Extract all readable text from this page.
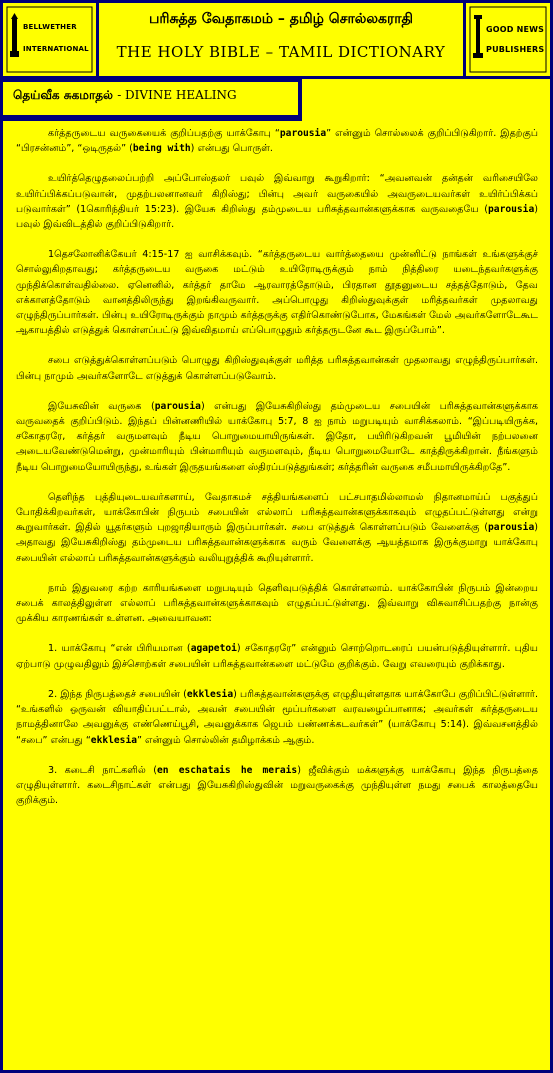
BELLWETHER
INTERNATIONAL
பரிசுத்த வேதாகமம் – தமிழ் சொல்லகராதி
THE HOLY BIBLE – TAMIL DICTIONARY
GOOD NEWS
PUBLISHERS
தெய்வீக சுகமாதல் - DIVINE HEALING

கர்த்தருடைய வருகையைக் குறிப்பதற்கு யாக்கோபு “parousia” என்னும் சொல்லைக் குறிப்பிடுகிறார். இதற்குப் “பிரசன்னம்”, “ஒடிருதல்” (being with) என்பது பொருள்.

உயிர்த்தெழுதலைப்பற்றி அப்போஸ்தலர் பவுல் இவ்வாறு கூறுகிறார்: “அவனவன் தன்தன் வரிசையிலே உயிர்ப்பிக்கப்படுவான், முதற்பலனானவர் கிறிஸ்து; பின்பு அவர் வருகையில் அவருடையவர்கள் உயிர்ப்பிக்கப் படுவார்கள்” (1கொரிந்தியர் 15:23). இயேசு கிறிஸ்து தம்முடைய பரிசுத்தவான்களுக்காக வருவதையே (parousia) பவுல் இவ்விடத்தில் குறிப்பிடுகிறார்.

1தெசலோனிக்கேயர் 4:15-17 ஐ வாசிக்கவும். “கர்த்தருடைய வார்த்தையை முன்னிட்டு நாங்கள் உங்களுக்குச் சொல்லுகிறதாவது; கர்த்தருடைய வருகை மட்டும் உயிரோடிருக்கும் நாம் நித்திரை யடைந்தவர்களுக்கு முந்திக்கொள்வதில்லை. ஏனெனில், கர்த்தர் தாமே ஆரவாரத்தோடும், பிரதான தூதனுடைய சத்தத்தோடும், தேவ எக்காளத்தோடும் வானத்திலிருந்து இறங்கிவருவார். அப்பொழுது கிறிஸ்துவுக்குள் மரித்தவர்கள் முதலாவது எழுந்திருப்பார்கள். பின்பு உயிரோடிருக்கும் நாமும் கர்த்தருக்கு எதிர்கொண்டுபோக, மேகங்கள் மேல் அவர்களோடேகூட ஆகாயத்தில் எடுத்துக் கொள்ளப்பட்டு இவ்விதமாய் எப்பொழுதும் கர்த்தருடனே கூட இருப்போம்”.

சபை எடுத்துக்கொள்ளப்படும் பொழுது கிறிஸ்துவுக்குள் மரித்த பரிசுத்தவான்கள் முதலாவது எழுந்திருப்பார்கள். பின்பு நாமும் அவர்களோடே எடுத்துக் கொள்ளப்படுவோம்.

இயேசுவின் வருகை (parousia) என்பது இயேசுகிறிஸ்து தம்முடைய சபையின் பரிசுத்தவான்களுக்காக வருவதைக் குறிப்பிடும். இந்தப் பின்னணியில் யாக்கோபு 5:7, 8 ஐ நாம் மறுபடியும் வாசிக்கலாம். “இப்படியிருக்க, சகோதரரே, கர்த்தர் வருமளவும் நீடிய பொறுமையாயிருங்கள். இதோ, பயிரிடுகிறவன் பூமியின் நற்பலனை அடையவேண்டுமென்று, முன்மாரியும் பின்மாரியும் வருமளவும், நீடிய பொறுமையோடே காத்திருக்கிறான். நீங்களும் நீடிய பொறுமையோயிருந்து, உங்கள் இருதயங்களை ஸ்திரப்படுத்துங்கள்; கர்த்தரின் வருகை சமீபமாயிருக்கிறதே”.

தெளிந்த புத்தியுடையவர்களாய், வேதாகமச் சத்தியங்களைப் பட்சபாதமில்லாமல் நிதானமாய்ப் பகுத்துப் போதிக்கிறவர்கள், யாக்கோபின் நிருபம் சபையின் எல்லாப் பரிசுத்தவான்களுக்காகவும் எழுதப்பட்டுள்ளது என்று கூறுவார்கள். இதில் யூதர்களும் புறஜாதியாரும் இருப்பார்கள். சபை எடுத்துக் கொள்ளப்படும் வேளைக்கு (parousia) அதாவது இயேசுகிறிஸ்து தம்முடைய பரிசுத்தவான்களுக்காக வரும் வேளைக்கு ஆயத்தமாக இருக்குமாறு யாக்கோபு சபையின் எல்லாப் பரிசுத்தவான்களுக்கும் வலியுறுத்திக் கூறியுள்ளார்.

நாம் இதுவரை கற்ற காரியங்களை மறுபடியும் தெளிவுபடுத்திக் கொள்ளலாம். யாக்கோபின் நிருபம் இன்றைய சபைக் காலத்திலுள்ள எல்லாப் பரிசுத்தவான்களுக்காகவும் எழுதப்பட்டுள்ளது. இவ்வாறு விசுவாசிப்பதற்கு நான்கு முக்கிய காரணங்கள் உள்ளன. அவையாவன:

1. யாக்கோபு “என் பிரியமான (agapetoi) சகோதரரே” என்னும் சொற்றொடரைப் பயன்படுத்தியுள்ளார். புதிய ஏற்பாடு முழுவதிலும் இச்சொற்கள் சபையின் பரிசுத்தவான்களை மட்டுமே குறிக்கும். வேறு எவரையும் குறிக்காது.

2. இந்த நிருபத்தைச் சபையின் (ekklesia) பரிசுத்தவான்களுக்கு எழுதியுள்ளதாக யாக்கோபே குறிப்பிட்டுள்ளார். “உங்களில் ஒருவன் வியாதிப்பட்டால், அவன் சபையின் மூப்பர்களை வரவழைப்பானாக; அவர்கள் கர்த்தருடைய நாமத்தினாலே அவனுக்கு எண்ணெய்பூசி, அவனுக்காக ஜெபம் பண்ணக்கடவர்கள்” (யாக்கோபு 5:14). இவ்வசனத்தில் “சபை” என்பது “ekklesia” என்னும் சொல்லின் தமிழாக்கம் ஆகும்.

3. கடைசி நாட்களில் (en eschatais he merais) ஜீவிக்கும் மக்களுக்கு யாக்கோபு இந்த நிருபத்தை எழுதியுள்ளார். கடைசிநாட்கள் என்பது இயேசுகிறிஸ்துவின் மறுவருகைக்கு முந்தியுள்ள நமது சபைக் காலத்தையே குறிக்கும்.
